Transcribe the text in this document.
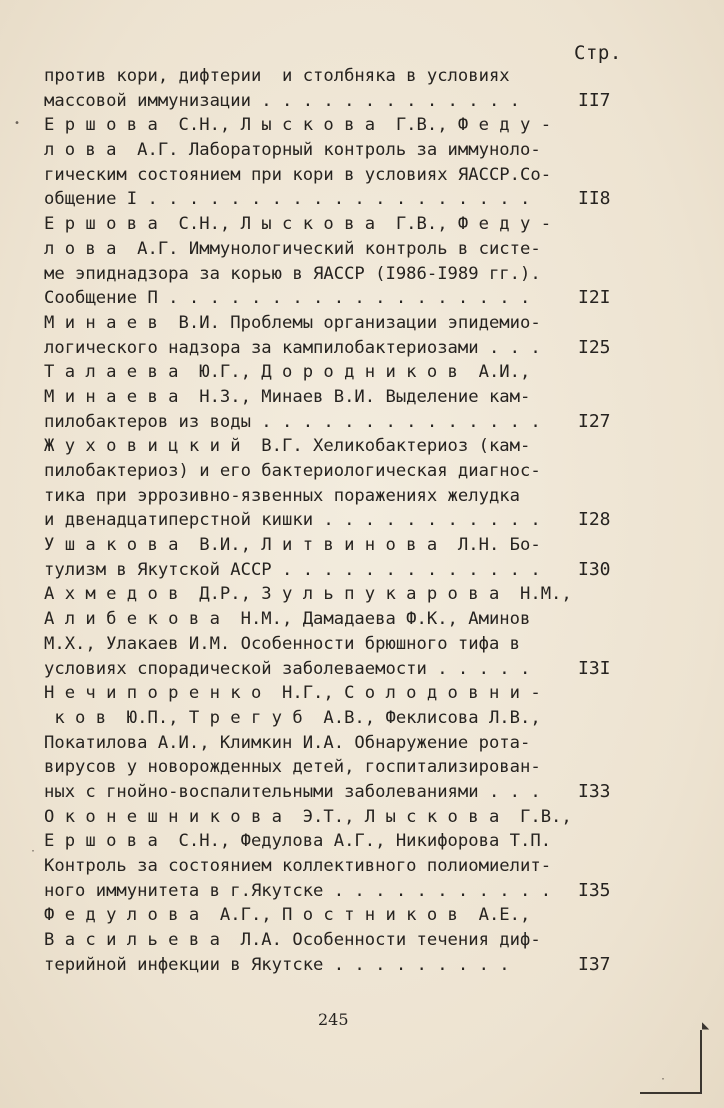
Стр.
против кори, дифтерии  и столбняка в условиях
массовой иммунизации . . . . . . . . . . . . .	II7
Е р ш о в а  С.Н., Л ы с к о в а  Г.В., Ф е д у -
л о в а  А.Г. Лабораторный контроль за иммуноло-
гическим состоянием при кори в условиях ЯАССР.Со-
общение I . . . . . . . . . . . . . . . . . . .	II8
Е р ш о в а  С.Н., Л ы с к о в а  Г.В., Ф е д у -
л о в а  А.Г. Иммунологический контроль в систе-
ме эпиднадзора за корью в ЯАССР (I986-I989 гг.).
Сообщение П . . . . . . . . . . . . . . . . . .	I2I
М и н а е в  В.И. Проблемы организации эпидемио-
логического надзора за кампилобактериозами . . .	I25
Т а л а е в а  Ю.Г., Д о р о д н и к о в  А.И.,
М и н а е в а  Н.З., Минаев В.И. Выделение кам-
пилобактеров из воды . . . . . . . . . . . . . .	I27
Ж у х о в и ц к и й  В.Г. Хеликобактериоз (кам-
пилобактериоз) и его бактериологическая диагнос-
тика при эррозивно-язвенных поражениях желудка
и двенадцатиперстной кишки . . . . . . . . . . .	I28
У ш а к о в а  В.И., Л и т в и н о в а  Л.Н. Бо-
тулизм в Якутской АССР . . . . . . . . . . . . .	I30
А х м е д о в  Д.Р., З у л ь п у к а р о в а  Н.М.,
А л и б е к о в а  Н.М., Дамадаева Ф.К., Аминов
М.Х., Улакаев И.М. Особенности брюшного тифа в
условиях спорадической заболеваемости . . . . .	I3I
Н е ч и п о р е н к о  Н.Г., С о л о д о в н и -
к о в  Ю.П., Т р е г у б  А.В., Феклисова Л.В.,
Покатилова А.И., Климкин И.А. Обнаружение рота-
вирусов у новорожденных детей, госпитализирован-
ных с гнойно-воспалительными заболеваниями . . .	I33
О к о н е ш н и к о в а  Э.Т., Л ы с к о в а  Г.В.,
Е р ш о в а  С.Н., Федулова А.Г., Никифорова Т.П.
Контроль за состоянием коллективного полиомиелит-
ного иммунитета в г.Якутске . . . . . . . . . . .	I35
Ф е д у л о в а  А.Г., П о с т н и к о в  А.Е.,
В а с и л ь е в а  Л.А. Особенности течения диф-
терийной инфекции в Якутске . . . . . . . . .	I37
245	◣
•
·
·
